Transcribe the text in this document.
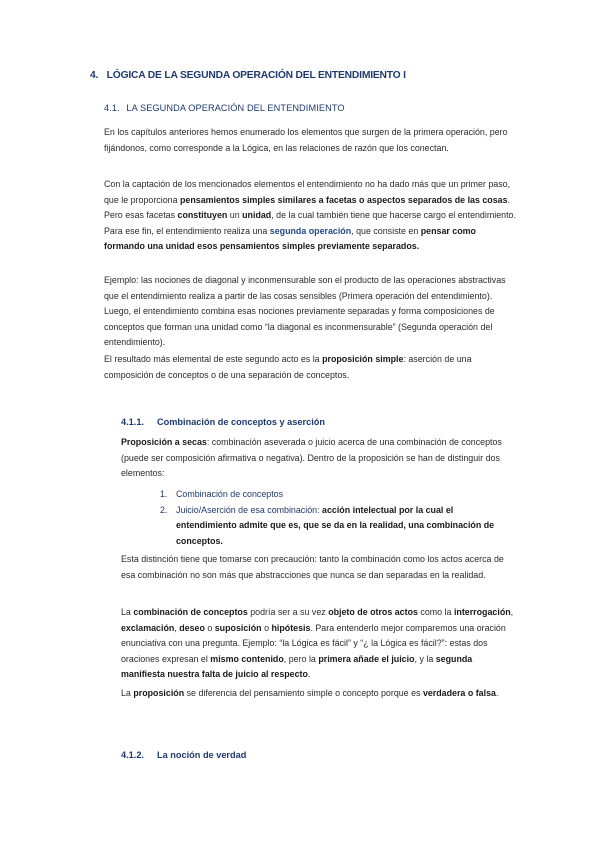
4. LÓGICA DE LA SEGUNDA OPERACIÓN DEL ENTENDIMIENTO I
4.1. LA SEGUNDA OPERACIÓN DEL ENTENDIMIENTO
En los capítulos anteriores hemos enumerado los elementos que surgen de la primera operación, pero fijándonos, como corresponde a la Lógica, en las relaciones de razón que los conectan.
Con la captación de los mencionados elementos el entendimiento no ha dado más que un primer paso, que le proporciona pensamientos simples similares a facetas o aspectos separados de las cosas. Pero esas facetas constituyen un unidad, de la cual también tiene que hacerse cargo el entendimiento. Para ese fin, el entendimiento realiza una segunda operación, que consiste en pensar como formando una unidad esos pensamientos simples previamente separados.
Ejemplo: las nociones de diagonal y inconmensurable son el producto de las operaciones abstractivas que el entendimiento realiza a partir de las cosas sensibles (Primera operación del entendimiento). Luego, el entendimiento combina esas nociones previamente separadas y forma composiciones de conceptos que forman una unidad como “la diagonal es inconmensurable” (Segunda operación del entendimiento).
El resultado más elemental de este segundo acto es la proposición simple: aserción de una composición de conceptos o de una separación de conceptos.
4.1.1. Combinación de conceptos y aserción
Proposición a secas: combinación aseverada o juicio acerca de una combinación de conceptos (puede ser composición afirmativa o negativa). Dentro de la proposición se han de distinguir dos elementos:
1. Combinación de conceptos
2. Juicio/Aserción de esa combinación: acción intelectual por la cual el entendimiento admite que es, que se da en la realidad, una combinación de conceptos.
Esta distinción tiene que tomarse con precaución: tanto la combinación como los actos acerca de esa combinación no son más que abstracciones que nunca se dan separadas en la realidad.
La combinación de conceptos podría ser a su vez objeto de otros actos como la interrogación, exclamación, deseo o suposición o hipótesis. Para entenderlo mejor comparemos una oración enunciativa con una pregunta. Ejemplo: “la Lógica es fácil” y “¿ la Lógica es fácil?”: estas dos oraciones expresan el mismo contenido, pero la primera añade el juicio, y la segunda manifiesta nuestra falta de juicio al respecto.
La proposición se diferencia del pensamiento simple o concepto porque es verdadera o falsa.
4.1.2. La noción de verdad
